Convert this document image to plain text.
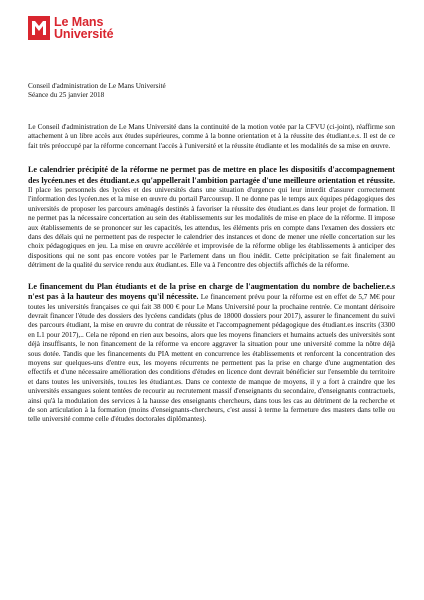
Le Mans
Université
Conseil d'administration de Le Mans Université
Séance du 25 janvier 2018

Le Conseil d'administration de Le Mans Université dans la continuité de la motion votée par la CFVU (ci-joint), réaffirme son attachement à un libre accès aux études supérieures, comme à la bonne orientation et à la réussite des étudiant.e.s. Il est de ce fait très préoccupé par la réforme concernant l'accès à l'université et la réussite étudiante et les modalités de sa mise en œuvre.

Le calendrier précipité de la réforme ne permet pas de mettre en place les dispositifs d'accompagnement des lycéen.nes et des étudiant.e.s qu'appellerait l'ambition partagée d'une meilleure orientation et réussite. Il place les personnels des lycées et des universités dans une situation d'urgence qui leur interdit d'assurer correctement l'information des lycéen.nes et la mise en œuvre du portail Parcoursup. Il ne donne pas le temps aux équipes pédagogiques des universités de proposer les parcours aménagés destinés à favoriser la réussite des étudiant.es dans leur projet de formation. Il ne permet pas la nécessaire concertation au sein des établissements sur les modalités de mise en place de la réforme. Il impose aux établissements de se prononcer sur les capacités, les attendus, les éléments pris en compte dans l'examen des dossiers etc dans des délais qui ne permettent pas de respecter le calendrier des instances et donc de mener une réelle concertation sur les choix pédagogiques en jeu. La mise en œuvre accélérée et improvisée de la réforme oblige les établissements à anticiper des dispositions qui ne sont pas encore votées par le Parlement dans un flou inédit. Cette précipitation se fait finalement au détriment de la qualité du service rendu aux étudiant.es. Elle va à l'encontre des objectifs affichés de la réforme.

Le financement du Plan étudiants et de la prise en charge de l'augmentation du nombre de bachelier.e.s n'est pas à la hauteur des moyens qu'il nécessite. Le financement prévu pour la réforme est en effet de 5,7 M€ pour toutes les universités françaises ce qui fait 38 000 € pour Le Mans Université pour la prochaine rentrée. Ce montant dérisoire devrait financer l'étude des dossiers des lycéens candidats (plus de 18000 dossiers pour 2017), assurer le financement du suivi des parcours étudiant, la mise en œuvre du contrat de réussite et l'accompagnement pédagogique des étudiant.es inscrits (3300 en L1 pour 2017),.. Cela ne répond en rien aux besoins, alors que les moyens financiers et humains actuels des universités sont déjà insuffisants, le non financement de la réforme va encore aggraver la situation pour une université comme la nôtre déjà sous dotée. Tandis que les financements du PIA mettent en concurrence les établissements et renforcent la concentration des moyens sur quelques-uns d'entre eux, les moyens récurrents ne permettent pas la prise en charge d'une augmentation des effectifs et d'une nécessaire amélioration des conditions d'études en licence dont devrait bénéficier sur l'ensemble du territoire et dans toutes les universités, tou.tes les étudiant.es. Dans ce contexte de manque de moyens, il y a fort à craindre que les universités exsangues soient tentées de recourir au recrutement massif d'enseignants du secondaire, d'enseignants contractuels, ainsi qu'à la modulation des services à la hausse des enseignants chercheurs, dans tous les cas au détriment de la recherche et de son articulation à la formation (moins d'enseignants-chercheurs, c'est aussi à terme la fermeture des masters dans telle ou telle université comme celle d'études doctorales diplômantes).
